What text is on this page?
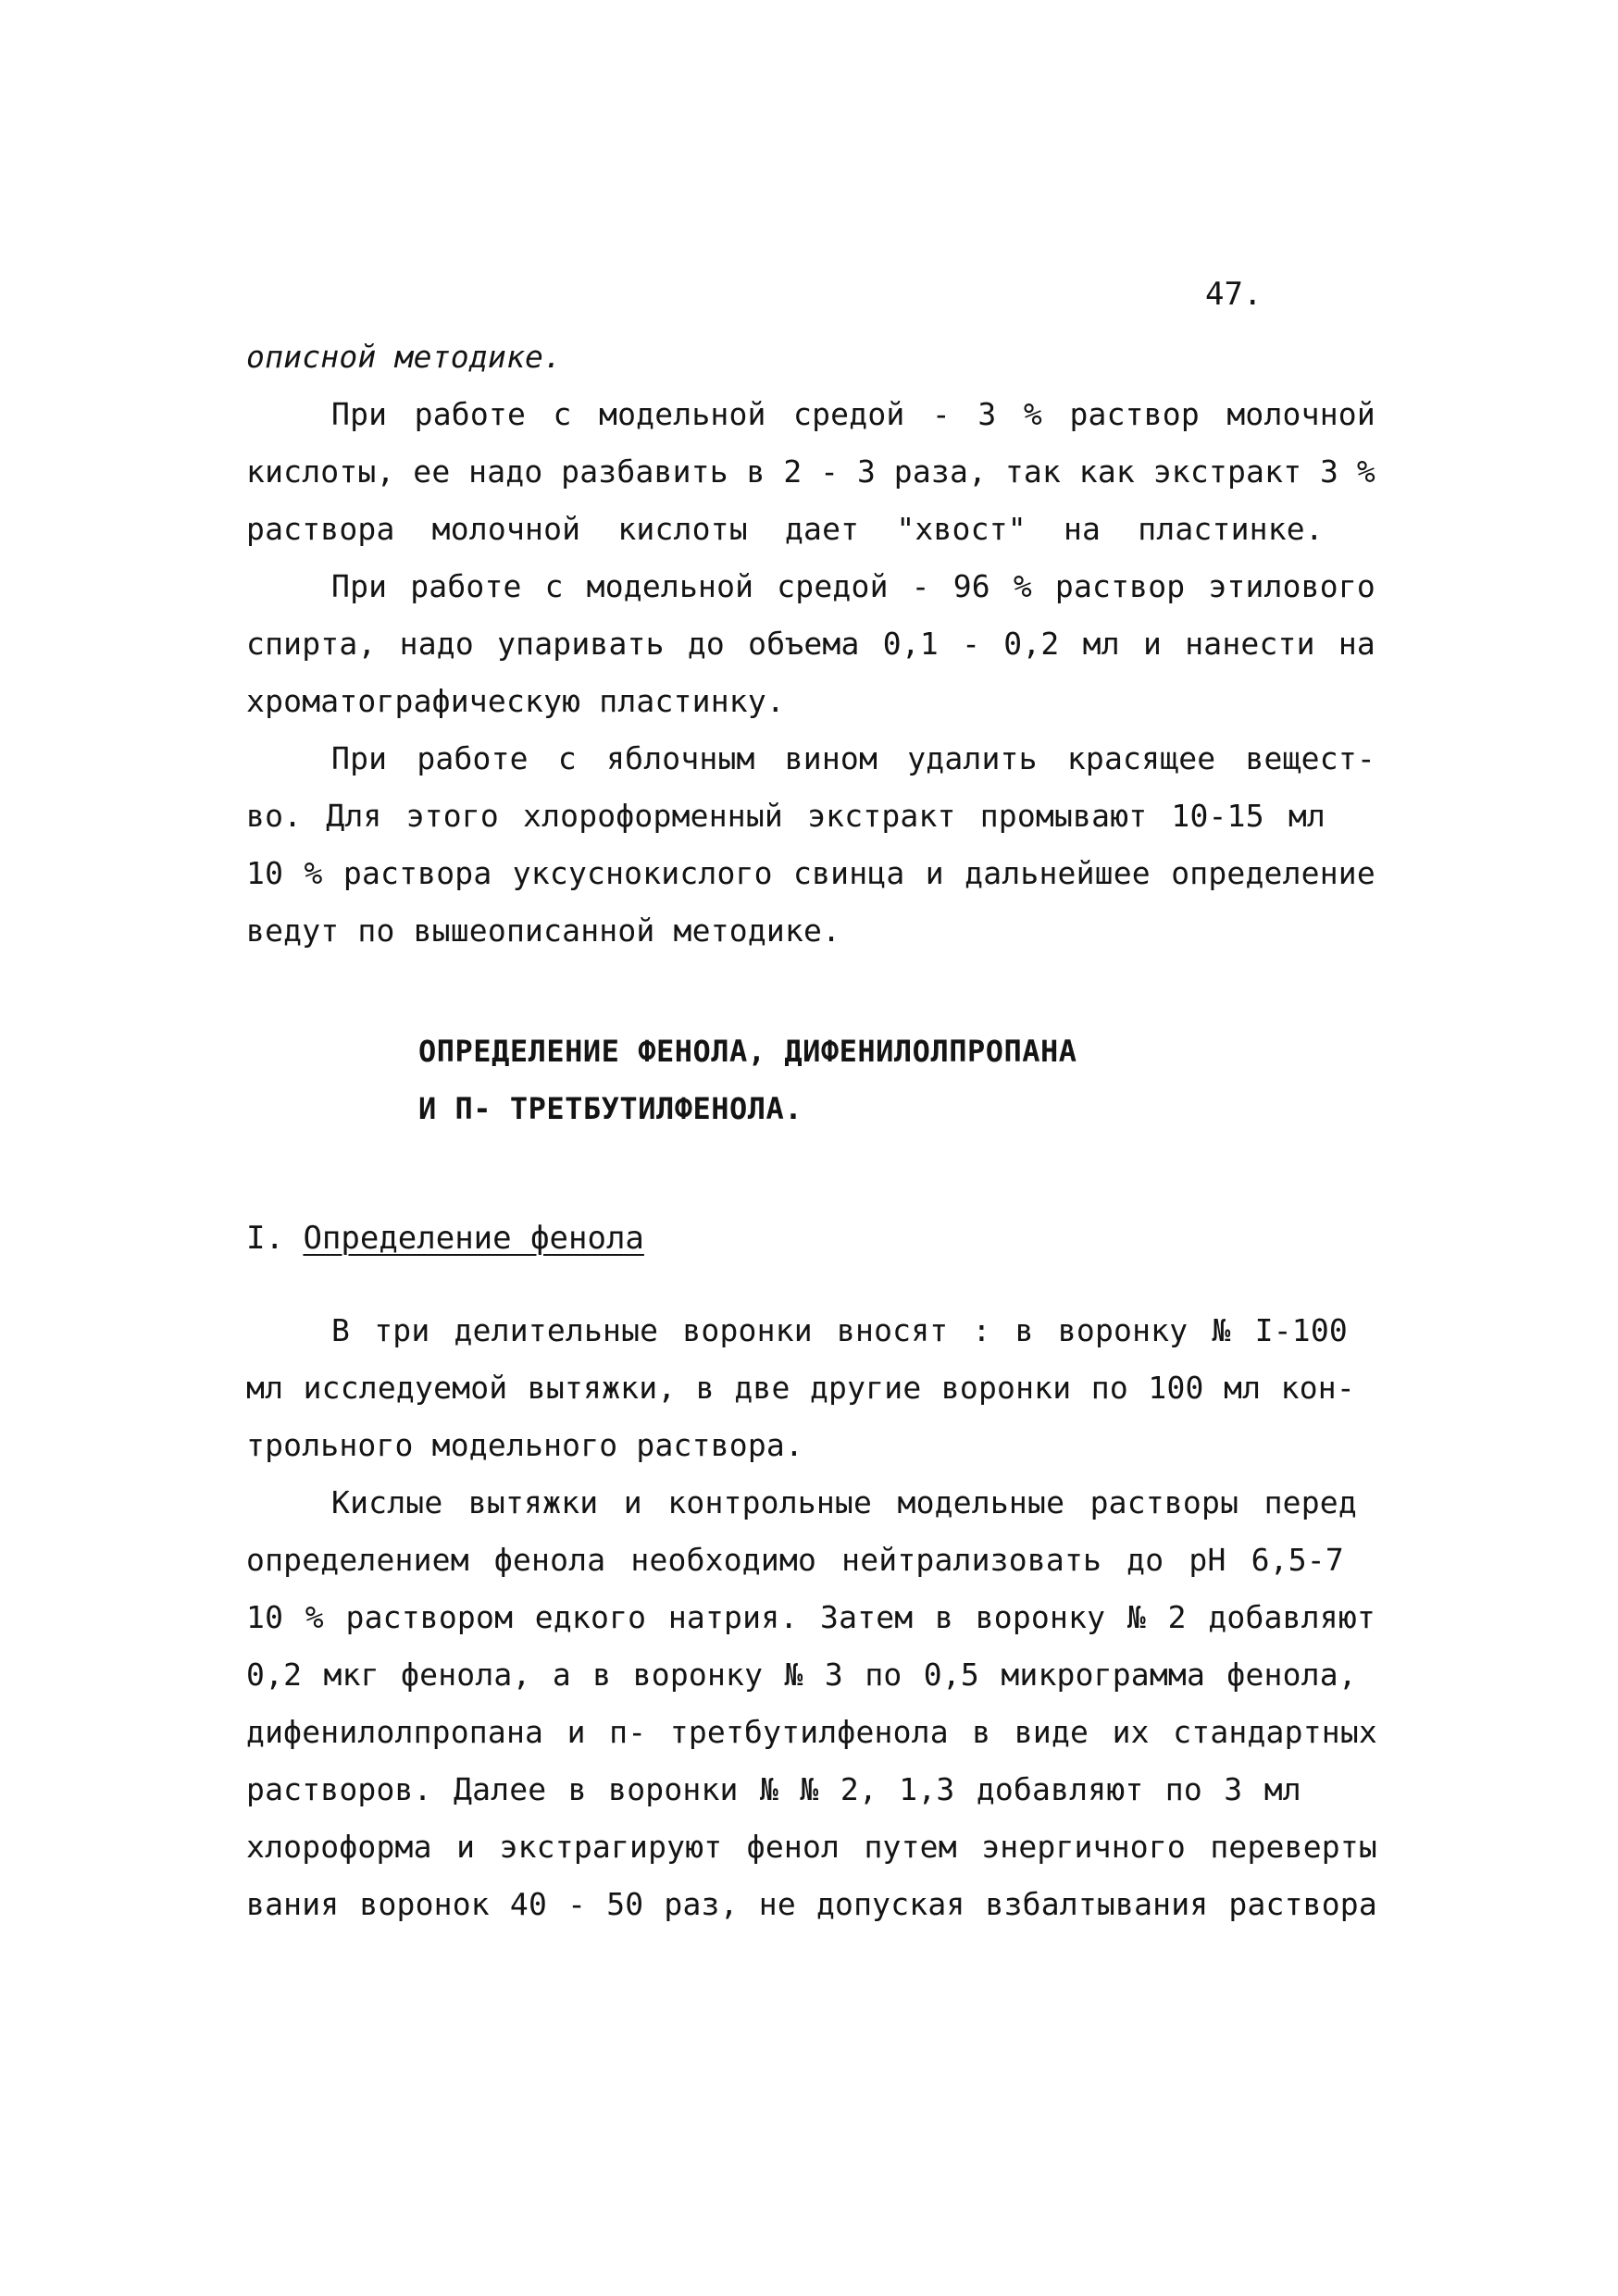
47.
описной методике.
При работе с модельной средой - 3 % раствор молочной
кислоты, ее надо разбавить в 2 - 3 раза, так как экстракт 3 %
раствора молочной кислоты дает "хвост" на пластинке.
При работе с модельной средой - 96 % раствор этилового
спирта, надо упаривать до объема 0,1 - 0,2 мл и нанести на
хроматографическую пластинку.
При работе с яблочным вином удалить красящее вещест-
во. Для этого хлороформенный экстракт промывают 10-15 мл
10 % раствора уксуснокислого свинца и дальнейшее определение
ведут по вышеописанной методике.
ОПРЕДЕЛЕНИЕ ФЕНОЛА, ДИФЕНИЛОЛПРОПАНА
И П- ТРЕТБУТИЛФЕНОЛА.
I. Определение фенола
В три делительные воронки вносят : в воронку № I-100
мл исследуемой вытяжки, в две другие воронки по 100 мл кон-
трольного модельного раствора.
Кислые вытяжки и контрольные модельные растворы перед
определением фенола необходимо нейтрализовать до рН 6,5-7
10 % раствором едкого натрия. Затем в воронку № 2 добавляют
0,2 мкг фенола, а в воронку № 3 по 0,5 микрограмма фенола,
дифенилолпропана и п- третбутилфенола в виде их стандартных
растворов. Далее в воронки № № 2, 1,3 добавляют по 3 мл
хлороформа и экстрагируют фенол путем энергичного переверты
вания воронок 40 - 50 раз, не допуская взбалтывания раствора
